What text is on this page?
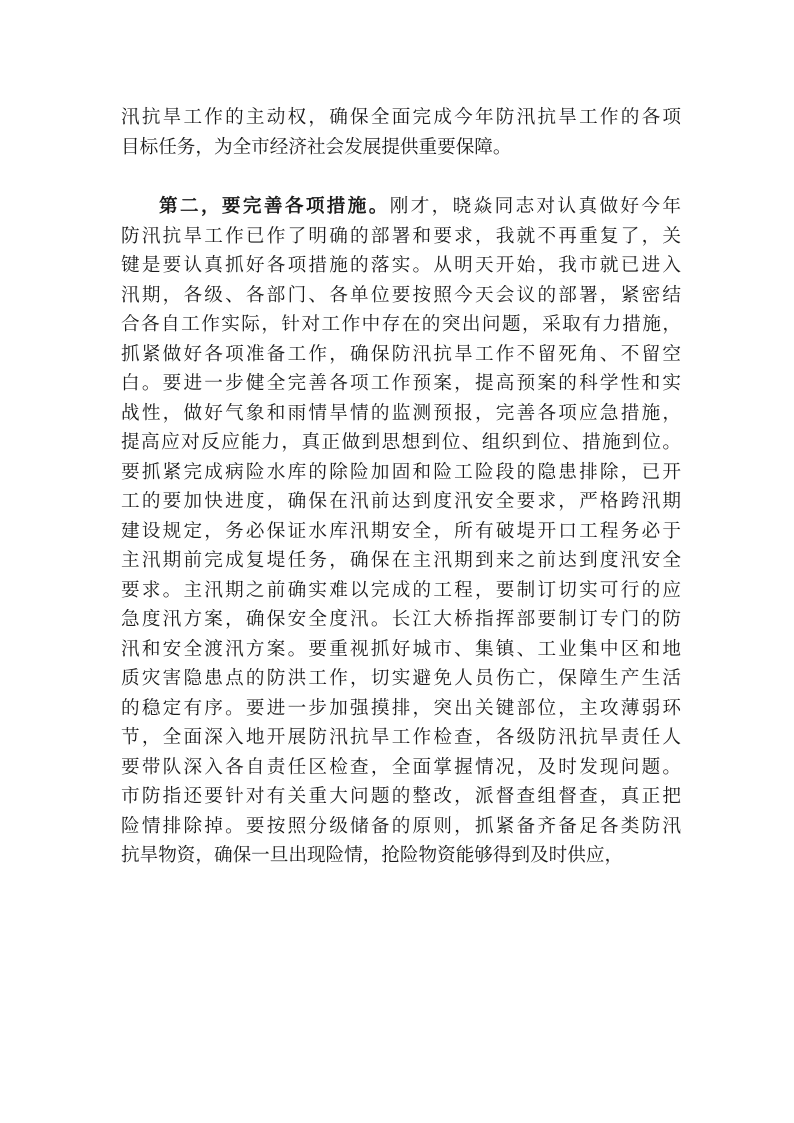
汛抗旱工作的主动权，确保全面完成今年防汛抗旱工作的各项
目标任务，为全市经济社会发展提供重要保障。
第二，要完善各项措施。刚才，晓焱同志对认真做好今年
防汛抗旱工作已作了明确的部署和要求，我就不再重复了，关
键是要认真抓好各项措施的落实。从明天开始，我市就已进入
汛期，各级、各部门、各单位要按照今天会议的部署，紧密结
合各自工作实际，针对工作中存在的突出问题，采取有力措施，
抓紧做好各项准备工作，确保防汛抗旱工作不留死角、不留空
白。要进一步健全完善各项工作预案，提高预案的科学性和实
战性，做好气象和雨情旱情的监测预报，完善各项应急措施，
提高应对反应能力，真正做到思想到位、组织到位、措施到位。
要抓紧完成病险水库的除险加固和险工险段的隐患排除，已开
工的要加快进度，确保在汛前达到度汛安全要求，严格跨汛期
建设规定，务必保证水库汛期安全，所有破堤开口工程务必于
主汛期前完成复堤任务，确保在主汛期到来之前达到度汛安全
要求。主汛期之前确实难以完成的工程，要制订切实可行的应
急度汛方案，确保安全度汛。长江大桥指挥部要制订专门的防
汛和安全渡汛方案。要重视抓好城市、集镇、工业集中区和地
质灾害隐患点的防洪工作，切实避免人员伤亡，保障生产生活
的稳定有序。要进一步加强摸排，突出关键部位，主攻薄弱环
节，全面深入地开展防汛抗旱工作检查，各级防汛抗旱责任人
要带队深入各自责任区检查，全面掌握情况，及时发现问题。
市防指还要针对有关重大问题的整改，派督查组督查，真正把
险情排除掉。要按照分级储备的原则，抓紧备齐备足各类防汛
抗旱物资，确保一旦出现险情，抢险物资能够得到及时供应，
